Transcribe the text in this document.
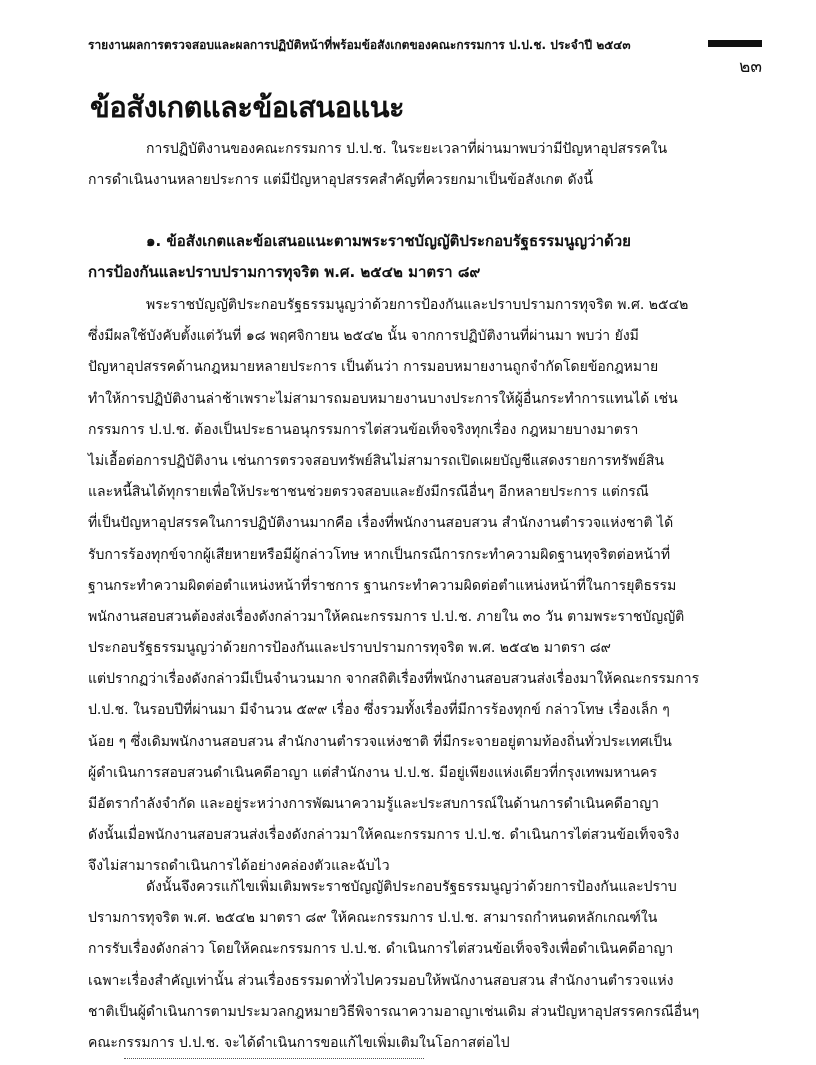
รายงานผลการตรวจสอบและผลการปฏิบัติหน้าที่พร้อมข้อสังเกตของคณะกรรมการ ป.ป.ช. ประจำปี ๒๕๔๓
๒๓
ข้อสังเกตและข้อเสนอแนะ
การปฏิบัติงานของคณะกรรมการ ป.ป.ช. ในระยะเวลาที่ผ่านมาพบว่ามีปัญหาอุปสรรคใน
การดำเนินงานหลายประการ แต่มีปัญหาอุปสรรคสำคัญที่ควรยกมาเป็นข้อสังเกต ดังนี้
๑. ข้อสังเกตและข้อเสนอแนะตามพระราชบัญญัติประกอบรัฐธรรมนูญว่าด้วย
การป้องกันและปราบปรามการทุจริต พ.ศ. ๒๕๔๒ มาตรา ๘๙
พระราชบัญญัติประกอบรัฐธรรมนูญว่าด้วยการป้องกันและปราบปรามการทุจริต พ.ศ. ๒๕๔๒
ซึ่งมีผลใช้บังคับตั้งแต่วันที่ ๑๘ พฤศจิกายน ๒๕๔๒ นั้น จากการปฏิบัติงานที่ผ่านมา พบว่า ยังมี
ปัญหาอุปสรรคด้านกฎหมายหลายประการ เป็นต้นว่า การมอบหมายงานถูกจำกัดโดยข้อกฎหมาย
ทำให้การปฏิบัติงานล่าช้าเพราะไม่สามารถมอบหมายงานบางประการให้ผู้อื่นกระทำการแทนได้ เช่น
กรรมการ ป.ป.ช. ต้องเป็นประธานอนุกรรมการไต่สวนข้อเท็จจริงทุกเรื่อง กฎหมายบางมาตรา
ไม่เอื้อต่อการปฏิบัติงาน เช่นการตรวจสอบทรัพย์สินไม่สามารถเปิดเผยบัญชีแสดงรายการทรัพย์สิน
และหนี้สินได้ทุกรายเพื่อให้ประชาชนช่วยตรวจสอบและยังมีกรณีอื่นๆ อีกหลายประการ แต่กรณี
ที่เป็นปัญหาอุปสรรคในการปฏิบัติงานมากคือ เรื่องที่พนักงานสอบสวน สำนักงานตำรวจแห่งชาติ ได้
รับการร้องทุกข์จากผู้เสียหายหรือมีผู้กล่าวโทษ หากเป็นกรณีการกระทำความผิดฐานทุจริตต่อหน้าที่
ฐานกระทำความผิดต่อตำแหน่งหน้าที่ราชการ ฐานกระทำความผิดต่อตำแหน่งหน้าที่ในการยุติธรรม
พนักงานสอบสวนต้องส่งเรื่องดังกล่าวมาให้คณะกรรมการ ป.ป.ช. ภายใน ๓๐ วัน ตามพระราชบัญญัติ
ประกอบรัฐธรรมนูญว่าด้วยการป้องกันและปราบปรามการทุจริต พ.ศ. ๒๕๔๒ มาตรา ๘๙
แต่ปรากฏว่าเรื่องดังกล่าวมีเป็นจำนวนมาก จากสถิติเรื่องที่พนักงานสอบสวนส่งเรื่องมาให้คณะกรรมการ
ป.ป.ช. ในรอบปีที่ผ่านมา มีจำนวน ๕๙๙ เรื่อง ซึ่งรวมทั้งเรื่องที่มีการร้องทุกข์ กล่าวโทษ เรื่องเล็ก ๆ
น้อย ๆ ซึ่งเดิมพนักงานสอบสวน สำนักงานตำรวจแห่งชาติ ที่มีกระจายอยู่ตามท้องถิ่นทั่วประเทศเป็น
ผู้ดำเนินการสอบสวนดำเนินคดีอาญา แต่สำนักงาน ป.ป.ช. มีอยู่เพียงแห่งเดียวที่กรุงเทพมหานคร
มีอัตรากำลังจำกัด และอยู่ระหว่างการพัฒนาความรู้และประสบการณ์ในด้านการดำเนินคดีอาญา
ดังนั้นเมื่อพนักงานสอบสวนส่งเรื่องดังกล่าวมาให้คณะกรรมการ ป.ป.ช. ดำเนินการไต่สวนข้อเท็จจริง
จึงไม่สามารถดำเนินการได้อย่างคล่องตัวและฉับไว
ดังนั้นจึงควรแก้ไขเพิ่มเติมพระราชบัญญัติประกอบรัฐธรรมนูญว่าด้วยการป้องกันและปราบ
ปรามการทุจริต พ.ศ. ๒๕๔๒ มาตรา ๘๙ ให้คณะกรรมการ ป.ป.ช. สามารถกำหนดหลักเกณฑ์ใน
การรับเรื่องดังกล่าว โดยให้คณะกรรมการ ป.ป.ช. ดำเนินการไต่สวนข้อเท็จจริงเพื่อดำเนินคดีอาญา
เฉพาะเรื่องสำคัญเท่านั้น ส่วนเรื่องธรรมดาทั่วไปควรมอบให้พนักงานสอบสวน สำนักงานตำรวจแห่ง
ชาติเป็นผู้ดำเนินการตามประมวลกฎหมายวิธีพิจารณาความอาญาเช่นเดิม ส่วนปัญหาอุปสรรคกรณีอื่นๆ
คณะกรรมการ ป.ป.ช. จะได้ดำเนินการขอแก้ไขเพิ่มเติมในโอกาสต่อไป
